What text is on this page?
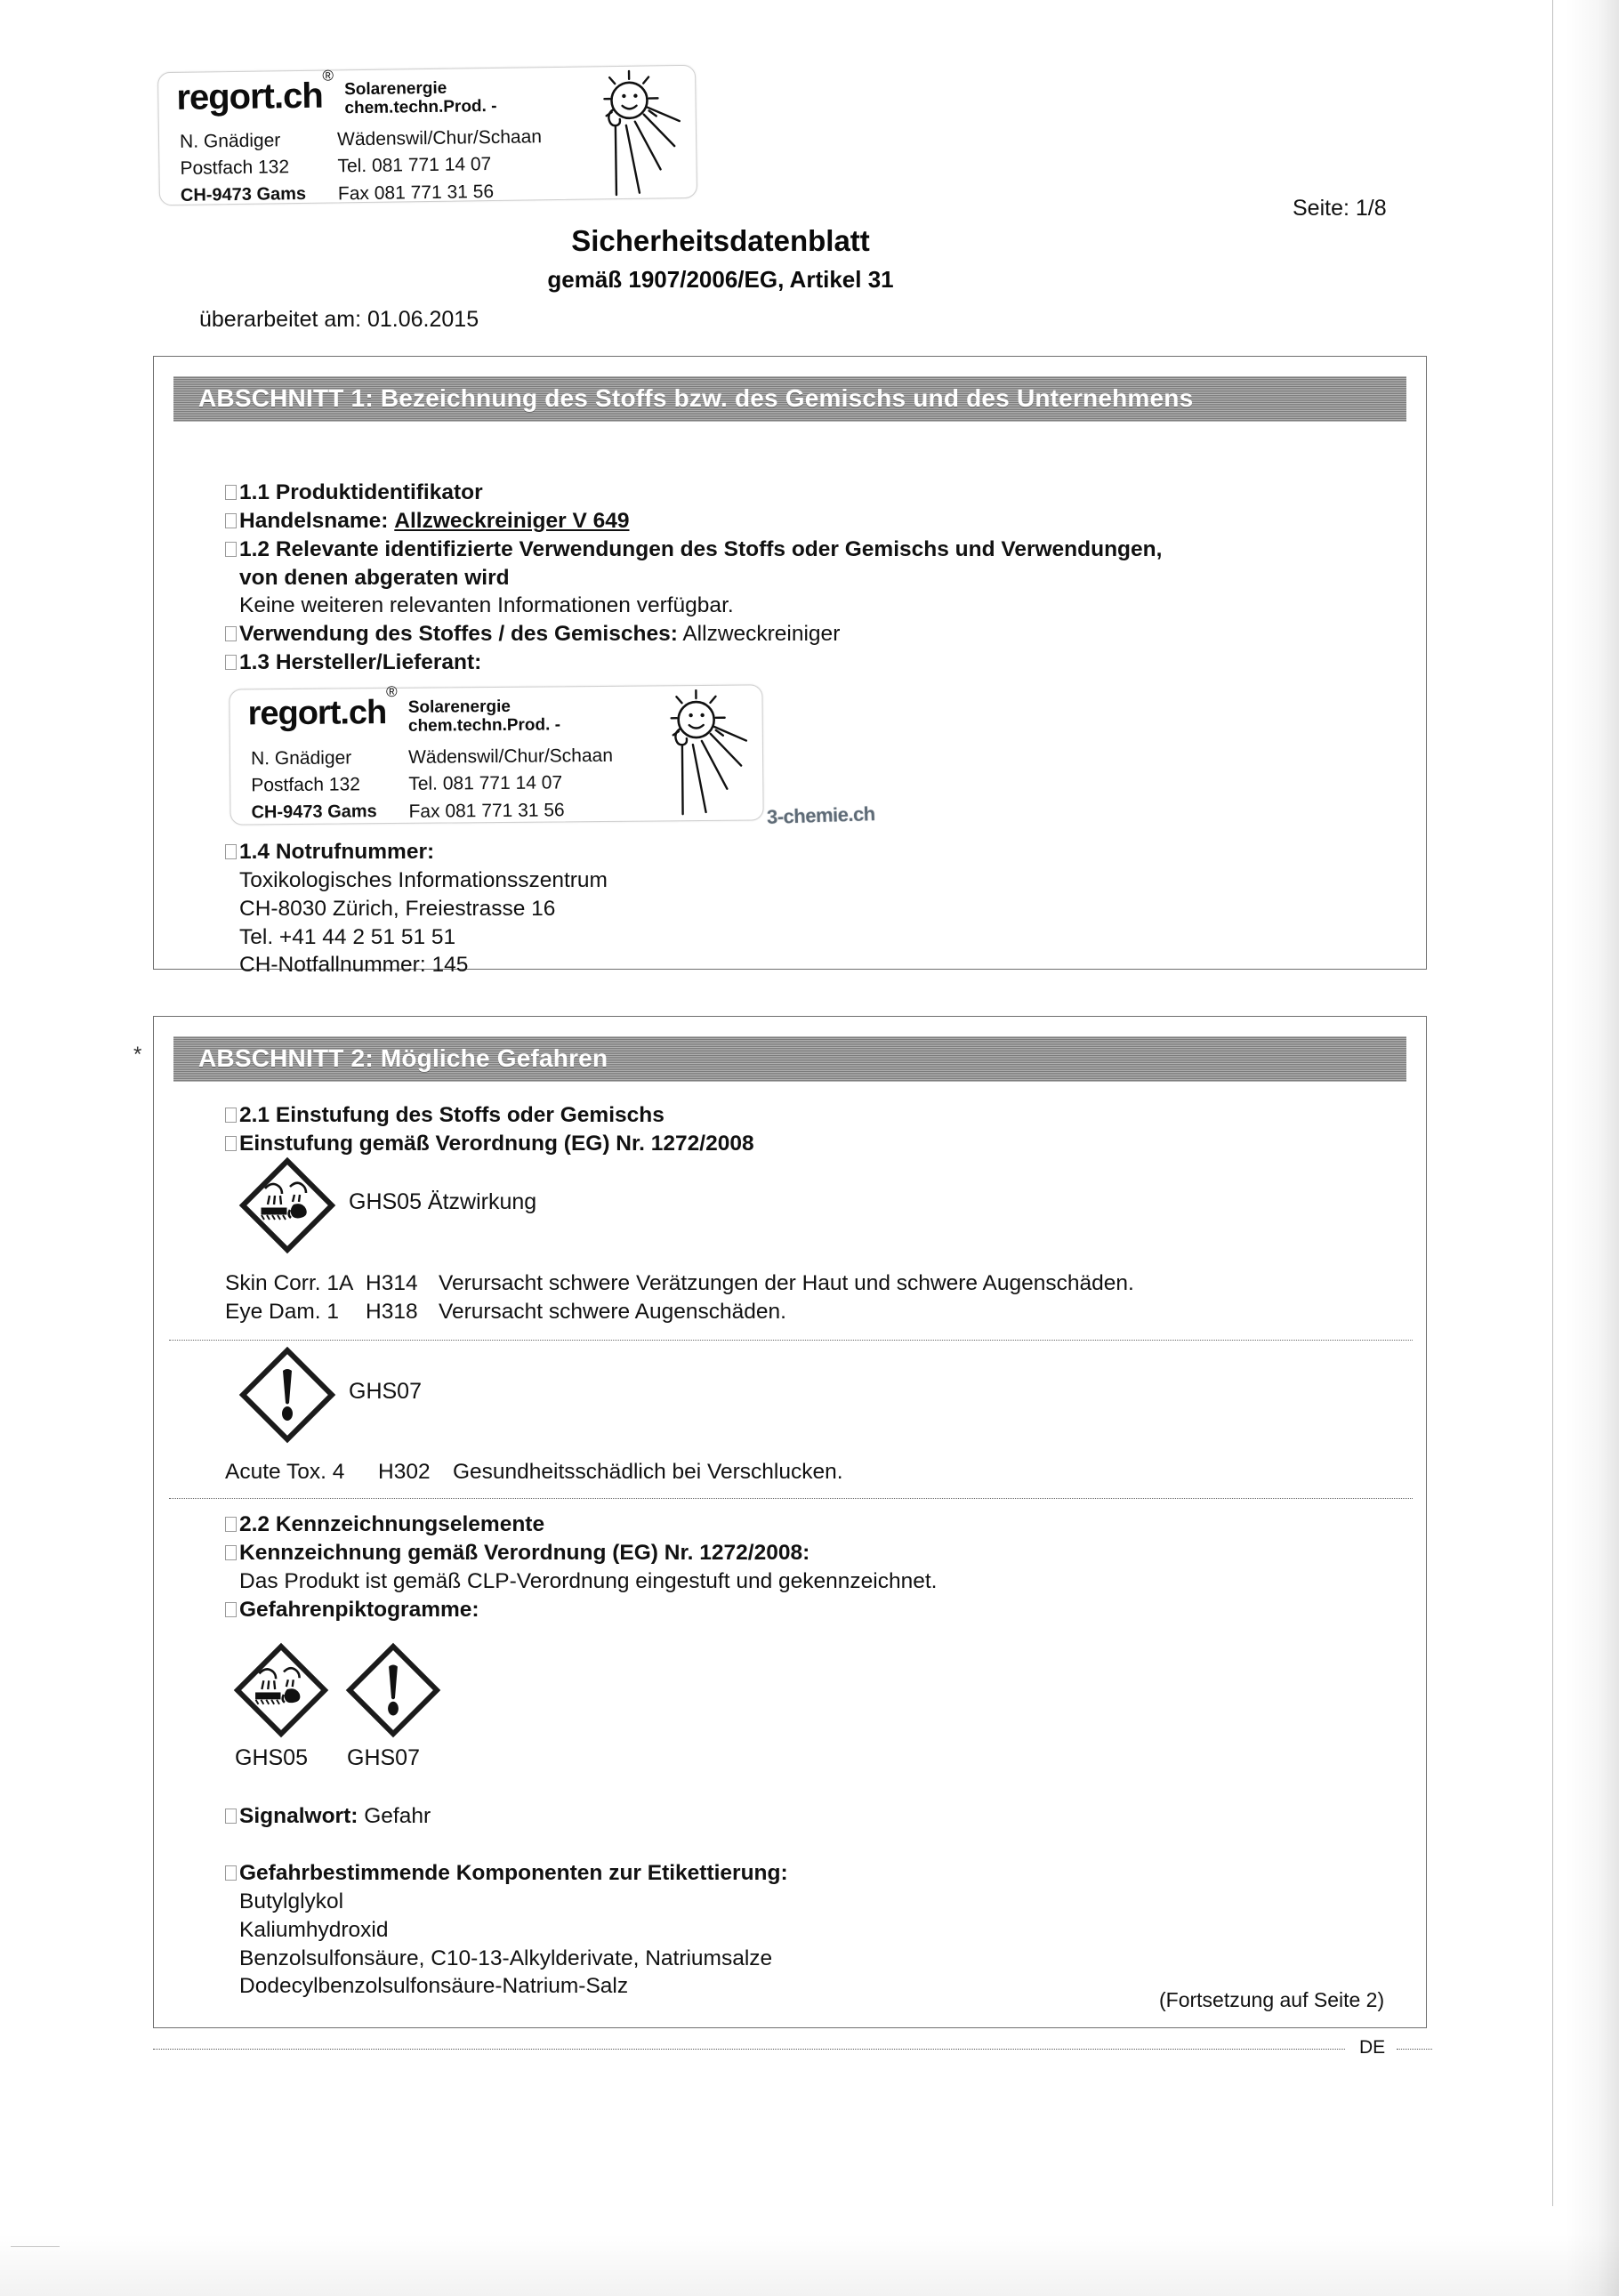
regort.ch®
Solarenergie
chem.techn.Prod. -
N. Gnädiger	Wädenswil/Chur/Schaan
Postfach 132	Tel. 081 771 14 07
CH-9473 Gams	Fax 081 771 31 56
Seite: 1/8
Sicherheitsdatenblatt
gemäß 1907/2006/EG, Artikel 31
überarbeitet am: 01.06.2015
ABSCHNITT 1: Bezeichnung des Stoffs bzw. des Gemischs und des Unternehmens
1.1 Produktidentifikator
Handelsname: Allzweckreiniger V 649
1.2 Relevante identifizierte Verwendungen des Stoffs oder Gemischs und Verwendungen,
von denen abgeraten wird
Keine weiteren relevanten Informationen verfügbar.
Verwendung des Stoffes / des Gemisches: Allzweckreiniger
1.3 Hersteller/Lieferant:
regort.ch®
Solarenergie
chem.techn.Prod. -
N. Gnädiger	Wädenswil/Chur/Schaan
Postfach 132	Tel. 081 771 14 07
CH-9473 Gams	Fax 081 771 31 56	3-chemie.ch
1.4 Notrufnummer:
Toxikologisches Informationsszentrum
CH-8030 Zürich, Freiestrasse 16
Tel. +41 44 2 51 51 51
CH-Notfallnummer: 145
*	ABSCHNITT 2: Mögliche Gefahren
2.1 Einstufung des Stoffs oder Gemischs
Einstufung gemäß Verordnung (EG) Nr. 1272/2008
GHS05 Ätzwirkung
Skin Corr. 1A H314 Verursacht schwere Verätzungen der Haut und schwere Augenschäden.
Eye Dam. 1 H318 Verursacht schwere Augenschäden.
GHS07
Acute Tox. 4 H302 Gesundheitsschädlich bei Verschlucken.
2.2 Kennzeichnungselemente
Kennzeichnung gemäß Verordnung (EG) Nr. 1272/2008:
Das Produkt ist gemäß CLP-Verordnung eingestuft und gekennzeichnet.
Gefahrenpiktogramme:
GHS05 GHS07
Signalwort: Gefahr
Gefahrbestimmende Komponenten zur Etikettierung:
Butylglykol
Kaliumhydroxid
Benzolsulfonsäure, C10-13-Alkylderivate, Natriumsalze
Dodecylbenzolsulfonsäure-Natrium-Salz
(Fortsetzung auf Seite 2)
DE
